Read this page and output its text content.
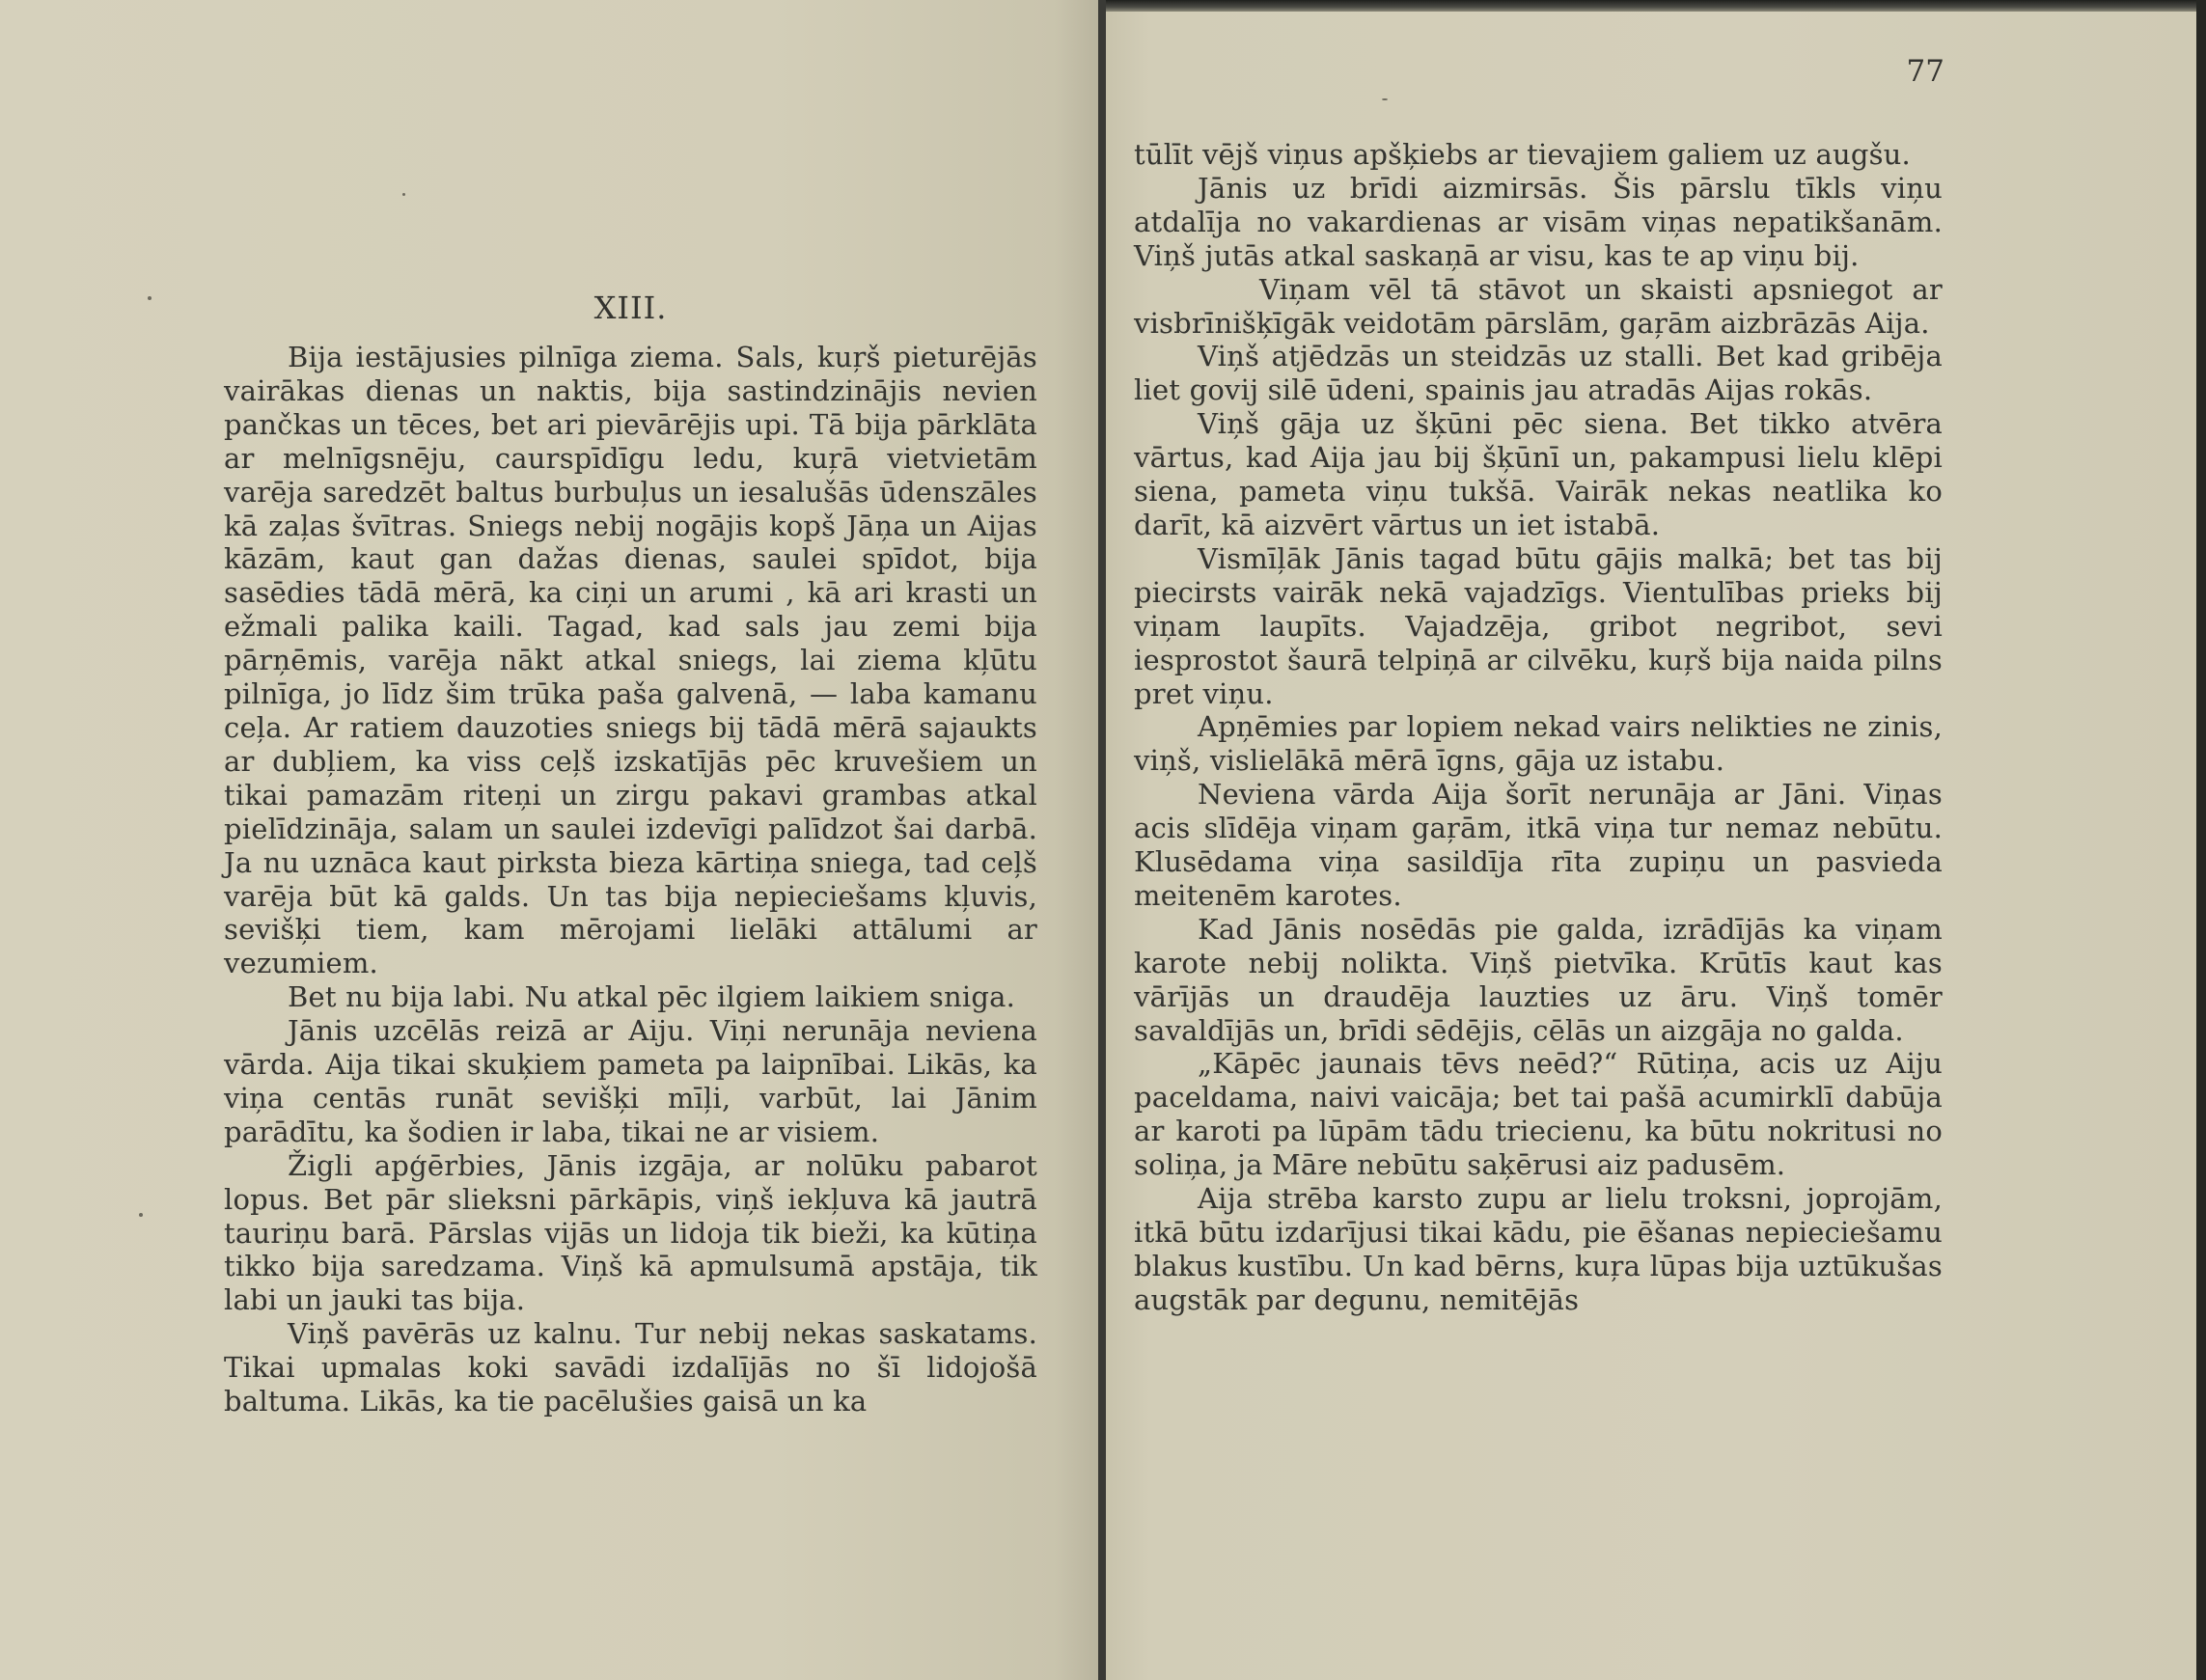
XIII.

Bija iestājusies pilnīga ziema. Sals, kuŗš pieturējās vairākas dienas un naktis, bija sastindzinājis nevien pančkas un tēces, bet ari pievārējis upi. Tā bija pārklāta ar melnīgsnēju, caurspīdīgu ledu, kuŗā vietvietām varēja saredzēt baltus burbuļus un iesalušās ūdenszāles kā zaļas švītras. Sniegs nebij nogājis kopš Jāņa un Aijas kāzām, kaut gan dažas dienas, saulei spīdot, bija sasēdies tādā mērā, ka ciņi un arumi , kā ari krasti un ežmali palika kaili. Tagad, kad sals jau zemi bija pārņēmis, varēja nākt atkal sniegs, lai ziema kļūtu pilnīga, jo līdz šim trūka paša galvenā, — laba kamanu ceļa. Ar ratiem dauzoties sniegs bij tādā mērā sajaukts ar dubļiem, ka viss ceļš izskatījās pēc kruvešiem un tikai pamazām riteņi un zirgu pakavi grambas atkal pielīdzināja, salam un saulei izdevīgi palīdzot šai darbā. Ja nu uznāca kaut pirksta bieza kārtiņa sniega, tad ceļš varēja būt kā galds. Un tas bija nepieciešams kļuvis, sevišķi tiem, kam mērojami lielāki attālumi ar vezumiem.

Bet nu bija labi. Nu atkal pēc ilgiem laikiem sniga.

Jānis uzcēlās reizā ar Aiju. Viņi nerunāja nevienа vārda. Aija tikai skuķiem pameta pa laipnībai. Likās, ka viņa centās runāt sevišķi mīļi, varbūt, lai Jānim parādītu, ka šodien ir laba, tikai ne ar visiem.

Žigli apģērbies, Jānis izgāja, ar nolūku pabarot lopus. Bet pār slieksni pārkāpis, viņš iekļuva kā jautrā tauriņu barā. Pārslas vijās un lidoja tik bieži, ka kūtiņa tikko bija saredzama. Viņš kā apmulsumā apstāja, tik labi un jauki tas bija.

Viņš pavērās uz kalnu. Tur nebij nekas saskatams. Tikai upmalas koki savādi izdalījās no šī lidojošā baltuma. Likās, ka tie pacēlušies gaisā un ka

77

tūlīt vējš viņus apšķiebs ar tievajiem galiem uz augšu.

Jānis uz brīdi aizmirsās. Šis pārslu tīkls viņu atdalīja no vakardienas ar visām viņas nepatikšanām. Viņš jutās atkal saskaņā ar visu, kas te ap viņu bij.

Viņam vēl tā stāvot un skaisti apsniegot ar visbrīnišķīgāk veidotām pārslām, gaŗām aizbrāzās Aija.

Viņš atjēdzās un steidzās uz stalli. Bet kad gribēja liet govij silē ūdeni, spainis jau atradās Aijas rokās.

Viņš gāja uz šķūni pēc siena. Bet tikko atvēra vārtus, kad Aija jau bij šķūnī un, pakampusi lielu klēpi siena, pameta viņu tukšā. Vairāk nekas neatlika ko darīt, kā aizvērt vārtus un iet istabā.

Vismīļāk Jānis tagad būtu gājis malkā; bet tas bij piecirsts vairāk nekā vajadzīgs. Vientulības prieks bij viņam laupīts. Vajadzēja, gribot negribot, sevi iesprostot šaurā telpiņā ar cilvēku, kuŗš bija naida pilns pret viņu.

Apņēmies par lopiem nekad vairs nelikties ne zinis, viņš, vislielākā mērā īgns, gāja uz istabu.

Neviena vārda Aija šorīt nerunāja ar Jāni. Viņas acis slīdēja viņam gaŗām, itkā viņa tur nemaz nebūtu. Klusēdama viņa sasildīja rīta zupiņu un pasvieda meitenēm karotes.

Kad Jānis nosēdās pie galda, izrādījās ka viņam karote nebij nolikta. Viņš pietvīka. Krūtīs kaut kas vārījās un draudēja lauzties uz āru. Viņš tomēr savaldījās un, brīdi sēdējis, cēlās un aizgāja no galda.

„Kāpēc jaunais tēvs neēd?“ Rūtiņa, acis uz Aiju paceldama, naivi vaicāja; bet tai pašā acumirklī dabūja ar karoti pa lūpām tādu triecienu, ka būtu nokritusi no soliņa, ja Māre nebūtu saķērusi aiz padusēm.

Aija strēba karsto zupu ar lielu troksni, joprojām, itkā būtu izdarījusi tikai kādu, pie ēšanas nepieciešamu blakus kustību. Un kad bērns, kuŗa lūpas bija uztūkušas augstāk par degunu, nemitējās
